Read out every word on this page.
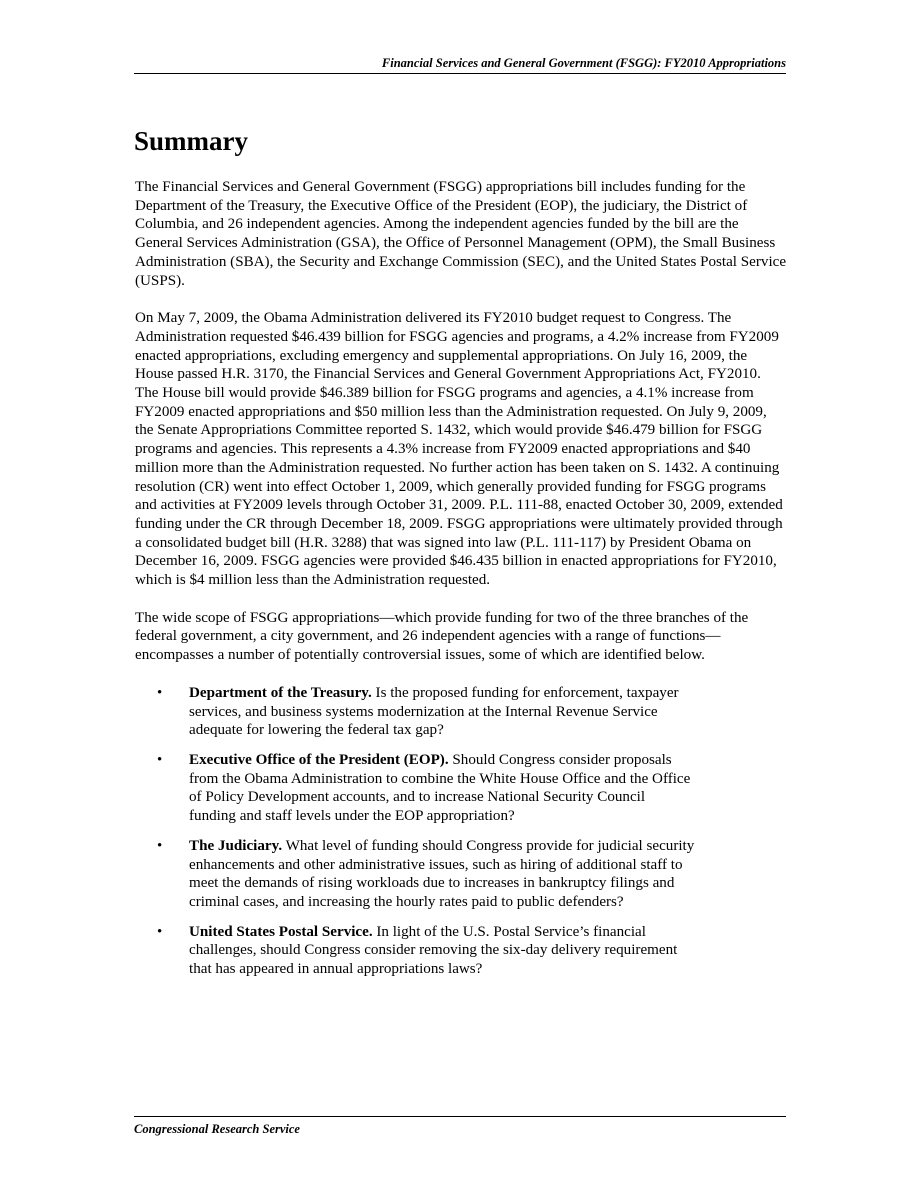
Financial Services and General Government (FSGG): FY2010 Appropriations
Summary

The Financial Services and General Government (FSGG) appropriations bill includes funding for the Department of the Treasury, the Executive Office of the President (EOP), the judiciary, the District of Columbia, and 26 independent agencies. Among the independent agencies funded by the bill are the General Services Administration (GSA), the Office of Personnel Management (OPM), the Small Business Administration (SBA), the Security and Exchange Commission (SEC), and the United States Postal Service (USPS).

On May 7, 2009, the Obama Administration delivered its FY2010 budget request to Congress. The Administration requested $46.439 billion for FSGG agencies and programs, a 4.2% increase from FY2009 enacted appropriations, excluding emergency and supplemental appropriations. On July 16, 2009, the House passed H.R. 3170, the Financial Services and General Government Appropriations Act, FY2010. The House bill would provide $46.389 billion for FSGG programs and agencies, a 4.1% increase from FY2009 enacted appropriations and $50 million less than the Administration requested. On July 9, 2009, the Senate Appropriations Committee reported S. 1432, which would provide $46.479 billion for FSGG programs and agencies. This represents a 4.3% increase from FY2009 enacted appropriations and $40 million more than the Administration requested. No further action has been taken on S. 1432. A continuing resolution (CR) went into effect October 1, 2009, which generally provided funding for FSGG programs and activities at FY2009 levels through October 31, 2009. P.L. 111-88, enacted October 30, 2009, extended funding under the CR through December 18, 2009. FSGG appropriations were ultimately provided through a consolidated budget bill (H.R. 3288) that was signed into law (P.L. 111-117) by President Obama on December 16, 2009. FSGG agencies were provided $46.435 billion in enacted appropriations for FY2010, which is $4 million less than the Administration requested.

The wide scope of FSGG appropriations—which provide funding for two of the three branches of the federal government, a city government, and 26 independent agencies with a range of functions—encompasses a number of potentially controversial issues, some of which are identified below.

• Department of the Treasury. Is the proposed funding for enforcement, taxpayer services, and business systems modernization at the Internal Revenue Service adequate for lowering the federal tax gap?
• Executive Office of the President (EOP). Should Congress consider proposals from the Obama Administration to combine the White House Office and the Office of Policy Development accounts, and to increase National Security Council funding and staff levels under the EOP appropriation?
• The Judiciary. What level of funding should Congress provide for judicial security enhancements and other administrative issues, such as hiring of additional staff to meet the demands of rising workloads due to increases in bankruptcy filings and criminal cases, and increasing the hourly rates paid to public defenders?
• United States Postal Service. In light of the U.S. Postal Service’s financial challenges, should Congress consider removing the six-day delivery requirement that has appeared in annual appropriations laws?
Congressional Research Service
